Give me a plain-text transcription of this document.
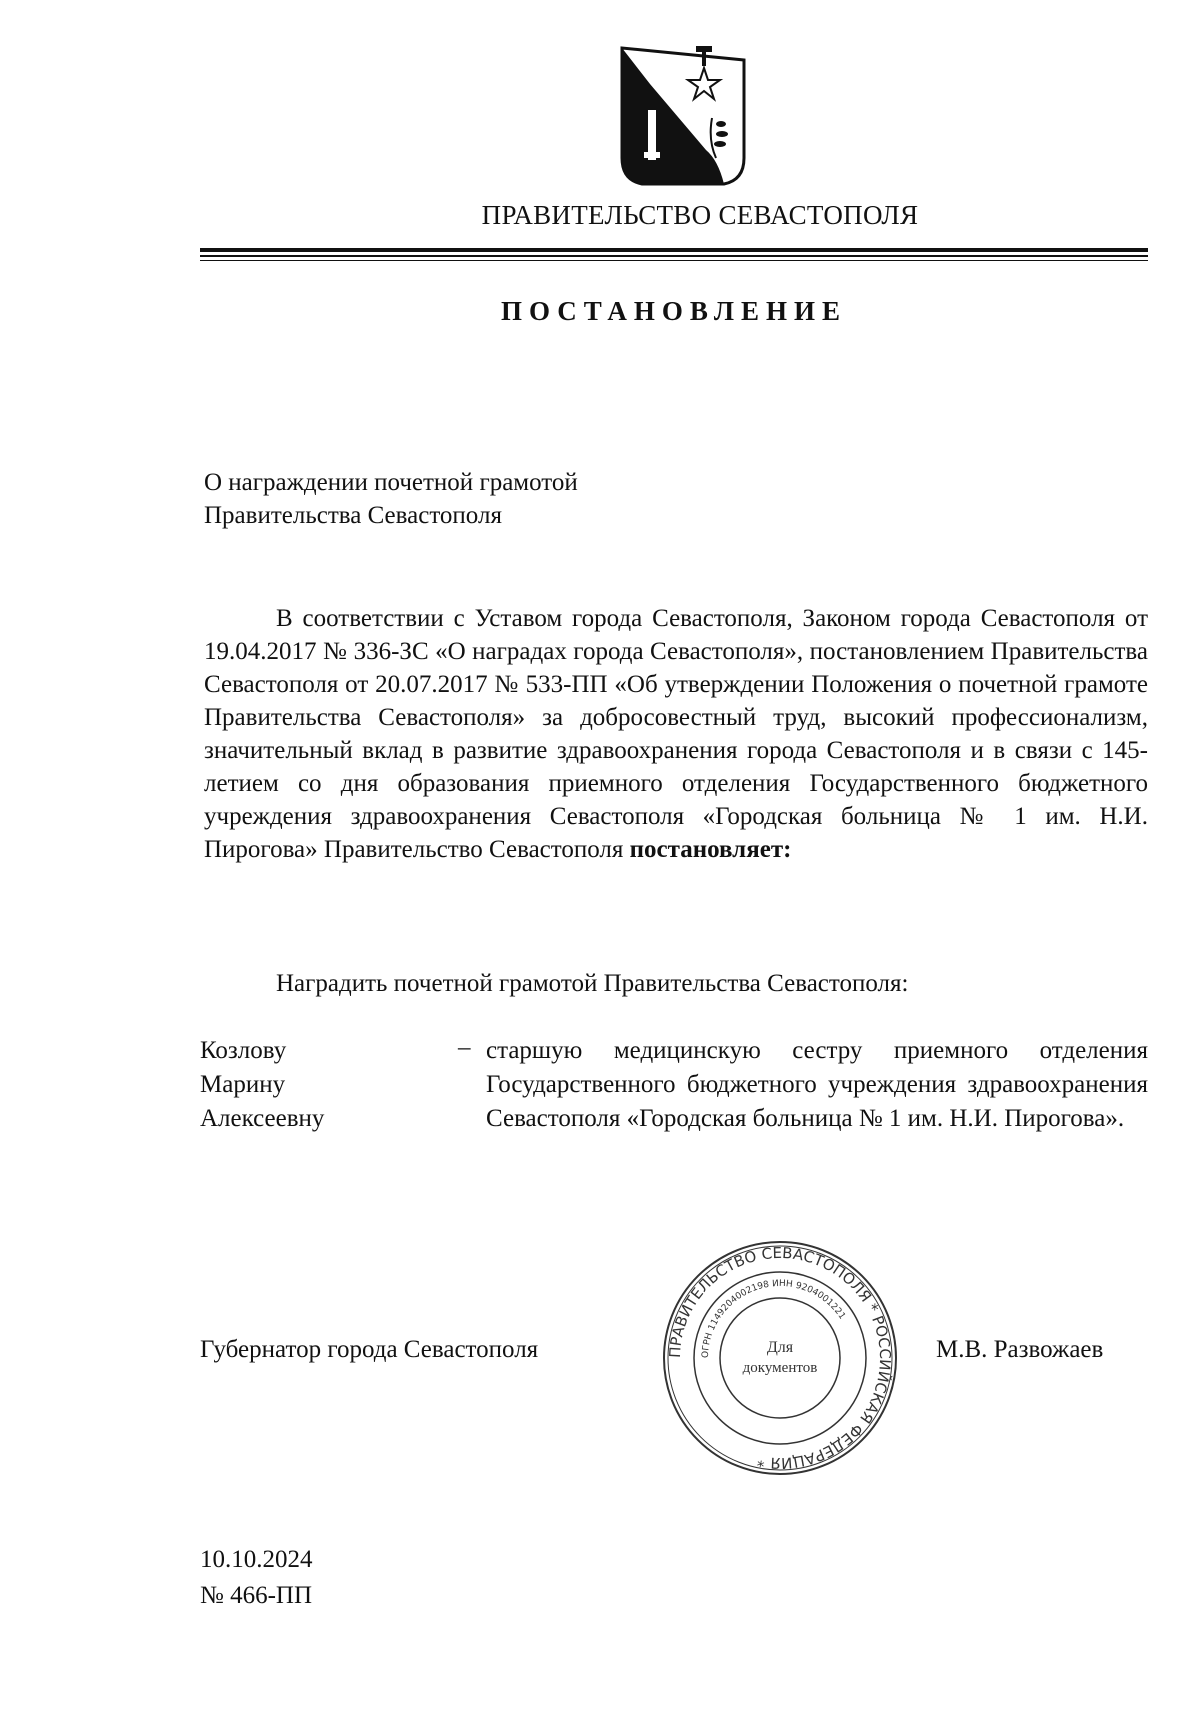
ПРАВИТЕЛЬСТВО СЕВАСТОПОЛЯ
ПОСТАНОВЛЕНИЕ
О награждении почетной грамотой
Правительства Севастополя

В соответствии с Уставом города Севастополя, Законом города Севастополя от 19.04.2017 № 336-ЗС «О наградах города Севастополя», постановлением Правительства Севастополя от 20.07.2017 № 533-ПП «Об утверждении Положения о почетной грамоте Правительства Севастополя» за добросовестный труд, высокий профессионализм, значительный вклад в развитие здравоохранения города Севастополя и в связи с 145-летием со дня образования приемного отделения Государственного бюджетного учреждения здравоохранения Севастополя «Городская больница № 1 им. Н.И. Пирогова» Правительство Севастополя постановляет:

Наградить почетной грамотой Правительства Севастополя:
Козлову
Марину
Алексеевну
– старшую медицинскую сестру приемного отделения Государственного бюджетного учреждения здравоохранения Севастополя «Городская больница № 1 им. Н.И. Пирогова».
Губернатор города Севастополя	ПРАВИТЕЛЬСТВО СЕВАСТОПОЛЯ * РОССИЙСКАЯ ФЕДЕРАЦИЯ *
ОГРН 1149204002198 ИНН 9204001221
Для
документов
М.В. Развожаев
10.10.2024
№ 466-ПП
